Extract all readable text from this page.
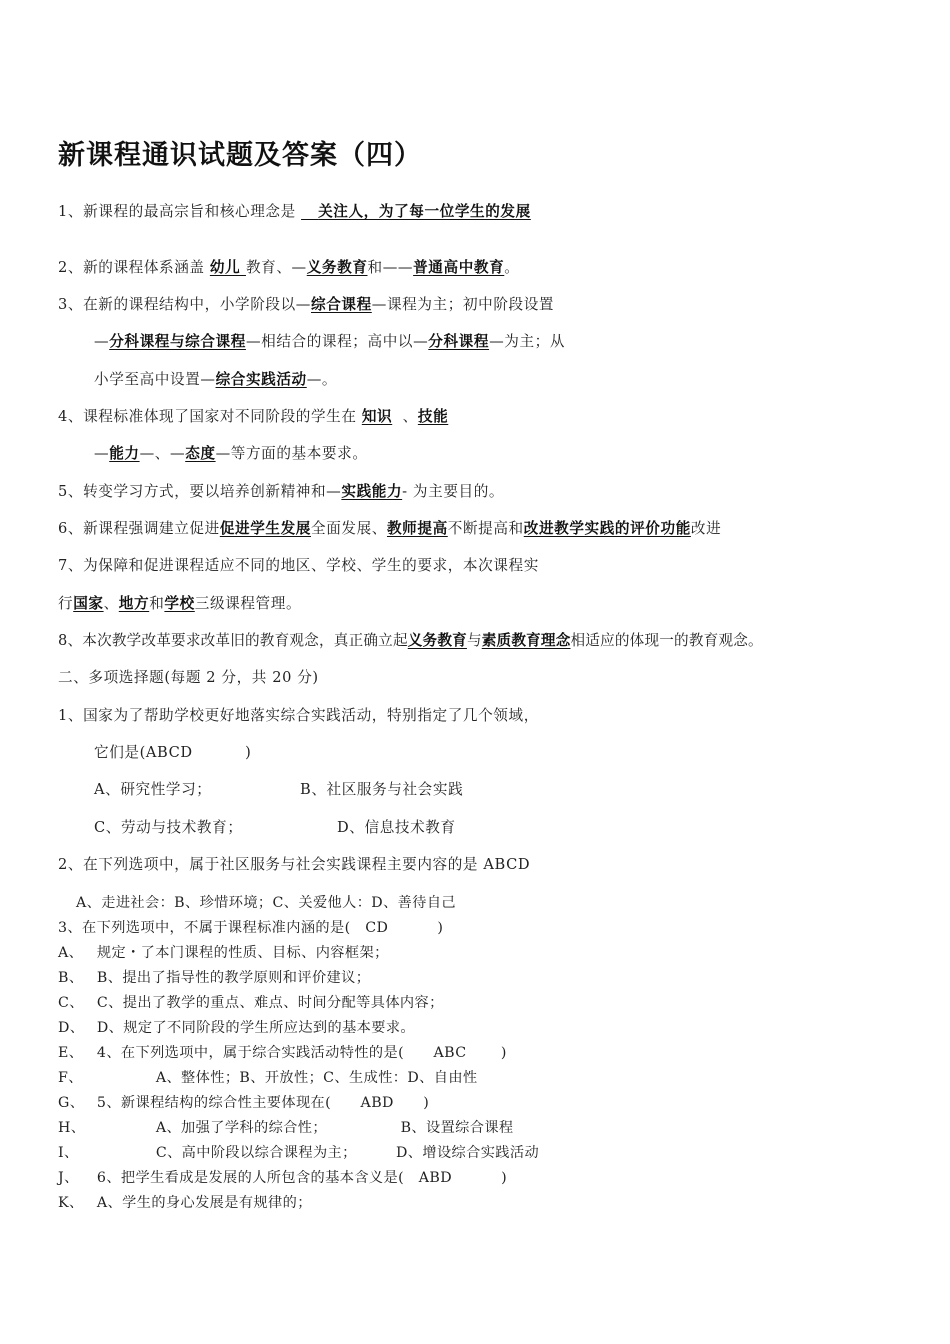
新课程通识试题及答案（四）
1、新课程的最高宗旨和核心理念是    关注人，为了每一位学生的发展
2、新的课程体系涵盖 幼儿 教育、—义务教育和——普通高中教育。
3、在新的课程结构中，小学阶段以—综合课程—课程为主；初中阶段设置
—分科课程与综合课程—相结合的课程；高中以—分科课程—为主；从
小学至高中设置—综合实践活动—。
4、课程标准体现了国家对不同阶段的学生在 知识  、技能
—能力—、—态度—等方面的基本要求。
5、转变学习方式，要以培养创新精神和—实践能力- 为主要目的。
6、新课程强调建立促进促进学生发展全面发展、教师提高不断提高和改进教学实践的评价功能改进
7、为保障和促进课程适应不同的地区、学校、学生的要求，本次课程实
行国家、地方和学校三级课程管理。
8、本次教学改革要求改革旧的教育观念，真正确立起义务教育与素质教育理念相适应的体现一的教育观念。
二、多项选择题(每题 2 分，共 20 分)
1、国家为了帮助学校更好地落实综合实践活动，特别指定了几个领域，
它们是(ABCD          )
A、研究性学习；	B、社区服务与社会实践
C、劳动与技术教育；	D、信息技术教育
2、在下列选项中，属于社区服务与社会实践课程主要内容的是 ABCD
A、走进社会：B、珍惜环境；C、关爱他人：D、善待自己
3、在下列选项中，不属于课程标准内涵的是(   CD          )
A、 规定・了本门课程的性质、目标、内容框架；
B、 B、提出了指导性的教学原则和评价建议；
C、 C、提出了教学的重点、难点、时间分配等具体内容；
D、 D、规定了不同阶段的学生所应达到的基本要求。
E、 4、在下列选项中，属于综合实践活动特性的是(      ABC       )
F、             A、整体性；B、开放性；C、生成性：D、自由性
G、 5、新课程结构的综合性主要体现在(      ABD      )
H、             A、加强了学科的综合性；               B、设置综合课程
I、             C、高中阶段以综合课程为主；        D、增设综合实践活动
J、 6、把学生看成是发展的人所包含的基本含义是(   ABD          )
K、 A、学生的身心发展是有规律的；
